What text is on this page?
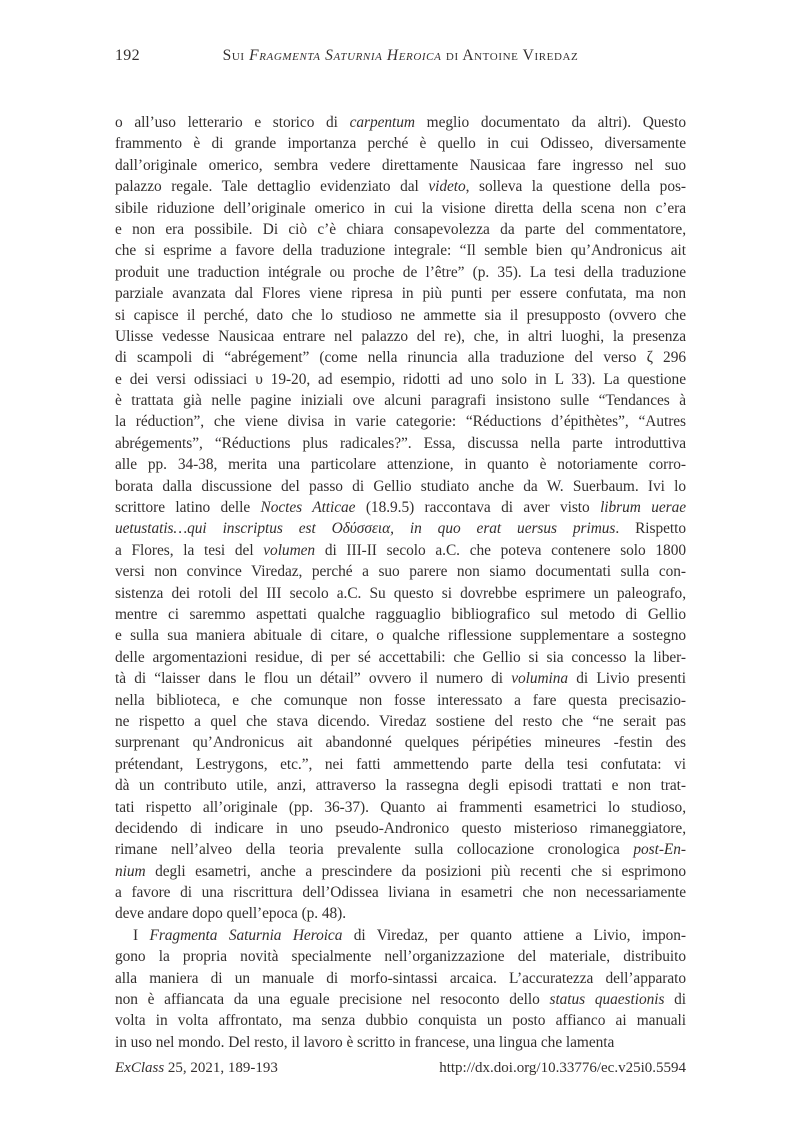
192	Sui Fragmenta Saturnia Heroica di Antoine Viredaz
o all’uso letterario e storico di carpentum meglio documentato da altri). Questo
frammento è di grande importanza perché è quello in cui Odisseo, diversamente
dall’originale omerico, sembra vedere direttamente Nausicaa fare ingresso nel suo
palazzo regale. Tale dettaglio evidenziato dal videto, solleva la questione della pos-
sibile riduzione dell’originale omerico in cui la visione diretta della scena non c’era
e non era possibile. Di ciò c’è chiara consapevolezza da parte del commentatore,
che si esprime a favore della traduzione integrale: “Il semble bien qu’Andronicus ait
produit une traduction intégrale ou proche de l’être” (p. 35). La tesi della traduzione
parziale avanzata dal Flores viene ripresa in più punti per essere confutata, ma non
si capisce il perché, dato che lo studioso ne ammette sia il presupposto (ovvero che
Ulisse vedesse Nausicaa entrare nel palazzo del re), che, in altri luoghi, la presenza
di scampoli di “abrégement” (come nella rinuncia alla traduzione del verso ζ 296
e dei versi odissiaci υ 19-20, ad esempio, ridotti ad uno solo in L 33). La questione
è trattata già nelle pagine iniziali ove alcuni paragrafi insistono sulle “Tendances à
la réduction”, che viene divisa in varie categorie: “Réductions d’épithètes”, “Autres
abrégements”, “Réductions plus radicales?”. Essa, discussa nella parte introduttiva
alle pp. 34-38, merita una particolare attenzione, in quanto è notoriamente corro-
borata dalla discussione del passo di Gellio studiato anche da W. Suerbaum. Ivi lo
scrittore latino delle Noctes Atticae (18.9.5) raccontava di aver visto librum uerae
uetustatis…qui inscriptus est Οδύσσεια, in quo erat uersus primus. Rispetto
a Flores, la tesi del volumen di III-II secolo a.C. che poteva contenere solo 1800
versi non convince Viredaz, perché a suo parere non siamo documentati sulla con-
sistenza dei rotoli del III secolo a.C. Su questo si dovrebbe esprimere un paleografo,
mentre ci saremmo aspettati qualche ragguaglio bibliografico sul metodo di Gellio
e sulla sua maniera abituale di citare, o qualche riflessione supplementare a sostegno
delle argomentazioni residue, di per sé accettabili: che Gellio si sia concesso la liber-
tà di “laisser dans le flou un détail” ovvero il numero di volumina di Livio presenti
nella biblioteca, e che comunque non fosse interessato a fare questa precisazio-
ne rispetto a quel che stava dicendo. Viredaz sostiene del resto che “ne serait pas
surprenant qu’Andronicus ait abandonné quelques péripéties mineures -festin des
prétendant, Lestrygons, etc.”, nei fatti ammettendo parte della tesi confutata: vi
dà un contributo utile, anzi, attraverso la rassegna degli episodi trattati e non trat-
tati rispetto all’originale (pp. 36-37). Quanto ai frammenti esametrici lo studioso,
decidendo di indicare in uno pseudo-Andronico questo misterioso rimaneggiatore,
rimane nell’alveo della teoria prevalente sulla collocazione cronologica post-En-
nium degli esametri, anche a prescindere da posizioni più recenti che si esprimono
a favore di una riscrittura dell’Odissea liviana in esametri che non necessariamente
deve andare dopo quell’epoca (p. 48).
I Fragmenta Saturnia Heroica di Viredaz, per quanto attiene a Livio, impon-
gono la propria novità specialmente nell’organizzazione del materiale, distribuito
alla maniera di un manuale di morfo-sintassi arcaica. L’accuratezza dell’apparato
non è affiancata da una eguale precisione nel resoconto dello status quaestionis di
volta in volta affrontato, ma senza dubbio conquista un posto affianco ai manuali
in uso nel mondo. Del resto, il lavoro è scritto in francese, una lingua che lamenta
ExClass 25, 2021, 189-193	http://dx.doi.org/10.33776/ec.v25i0.5594
